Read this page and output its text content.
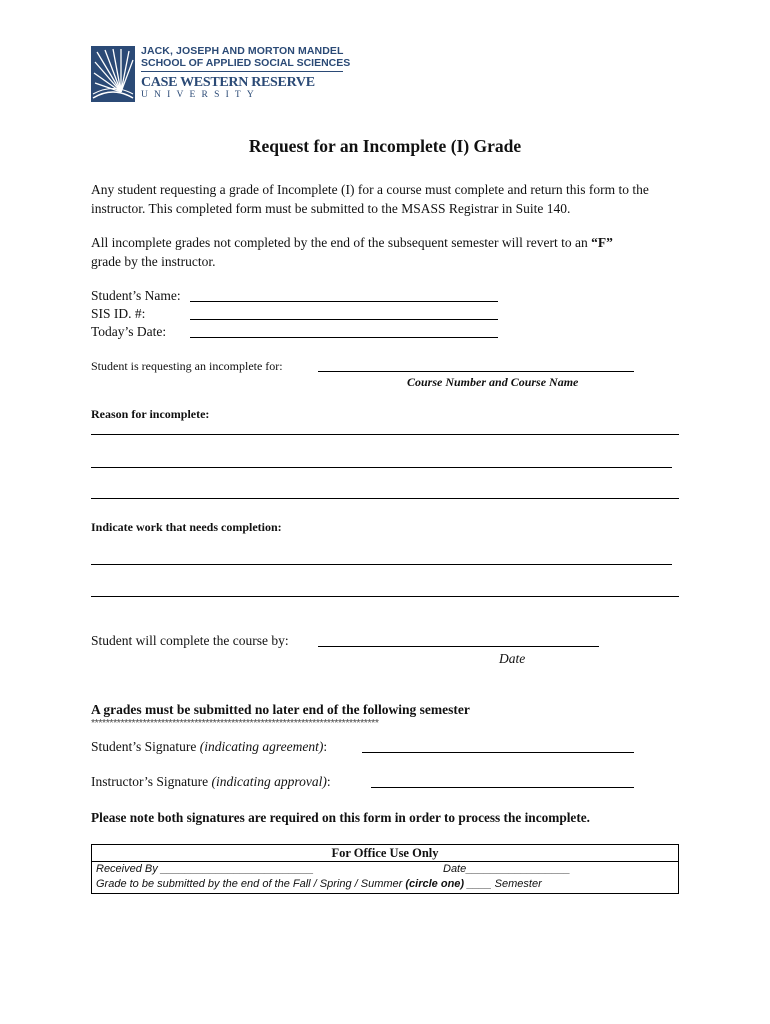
JACK, JOSEPH AND MORTON MANDEL
SCHOOL OF APPLIED SOCIAL SCIENCES
CASE WESTERN RESERVE
UNIVERSITY
Request for an Incomplete (I) Grade
Any student requesting a grade of Incomplete (I) for a course must complete and return this form to the instructor. This completed form must be submitted to the MSASS Registrar in Suite 140.
All incomplete grades not completed by the end of the subsequent semester will revert to an “F”
grade by the instructor.
Student’s Name:
SIS ID. #:
Today’s Date:
Student is requesting an incomplete for:
Course Number and Course Name
Reason for incomplete:
Indicate work that needs completion:
Student will complete the course by:
Date
A grades must be submitted no later end of the following semester
******************************************************************************
Student’s Signature (indicating agreement):
Instructor’s Signature (indicating approval):
Please note both signatures are required on this form in order to process the incomplete.
For Office Use Only
Received By _________________________	Date_________________
Grade to be submitted by the end of the Fall / Spring / Summer (circle one) ____ Semester
